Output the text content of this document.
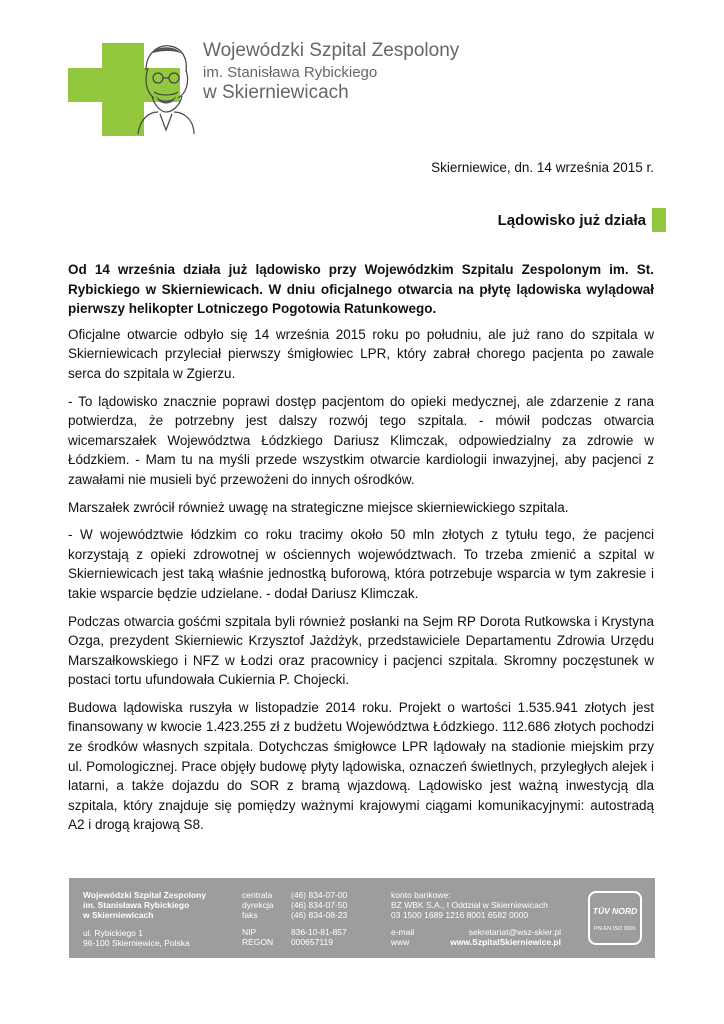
Wojewódzki Szpital Zespolony
im. Stanisława Rybickiego
w Skierniewicach
Skierniewice, dn. 14 września 2015 r.
Lądowisko już działa

Od 14 września działa już lądowisko przy Wojewódzkim Szpitalu Zespolonym im. St. Rybickiego w Skierniewicach. W dniu oficjalnego otwarcia na płytę lądowiska wylądował pierwszy helikopter Lotniczego Pogotowia Ratunkowego.

Oficjalne otwarcie odbyło się 14 września 2015 roku po południu, ale już rano do szpitala w Skierniewicach przyleciał pierwszy śmigłowiec LPR, który zabrał chorego pacjenta po zawale serca do szpitala w Zgierzu.

- To lądowisko znacznie poprawi dostęp pacjentom do opieki medycznej, ale zdarzenie z rana potwierdza, że potrzebny jest dalszy rozwój tego szpitala. - mówił podczas otwarcia wicemarszałek Województwa Łódzkiego Dariusz Klimczak, odpowiedzialny za zdrowie w Łódzkiem. - Mam tu na myśli przede wszystkim otwarcie kardiologii inwazyjnej, aby pacjenci z zawałami nie musieli być przewożeni do innych ośrodków.

Marszałek zwrócił również uwagę na strategiczne miejsce skierniewickiego szpitala.

- W województwie łódzkim co roku tracimy około 50 mln złotych z tytułu tego, że pacjenci korzystają z opieki zdrowotnej w ościennych województwach. To trzeba zmienić a szpital w Skierniewicach jest taką właśnie jednostką buforową, która potrzebuje wsparcia w tym zakresie i takie wsparcie będzie udzielane. - dodał Dariusz Klimczak.

Podczas otwarcia gośćmi szpitala byli również posłanki na Sejm RP Dorota Rutkowska i Krystyna Ozga, prezydent Skierniewic Krzysztof Jażdżyk, przedstawiciele Departamentu Zdrowia Urzędu Marszałkowskiego i NFZ w Łodzi oraz pracownicy i pacjenci szpitala. Skromny poczęstunek w postaci tortu ufundowała Cukiernia P. Chojecki.

Budowa lądowiska ruszyła w listopadzie 2014 roku. Projekt o wartości 1.535.941 złotych jest finansowany w kwocie 1.423.255 zł z budżetu Województwa Łódzkiego. 112.686 złotych pochodzi ze środków własnych szpitala. Dotychczas śmigłowce LPR lądowały na stadionie miejskim przy ul. Pomologicznej. Prace objęły budowę płyty lądowiska, oznaczeń świetlnych, przyległych alejek i latarni, a także dojazdu do SOR z bramą wjazdową. Lądowisko jest ważną inwestycją dla szpitala, który znajduje się pomiędzy ważnymi krajowymi ciągami komunikacyjnymi: autostradą A2 i drogą krajową S8.

Wojewódzki Szpital Zespolony
im. Stanisława Rybickiego
w Skierniewicach
ul. Rybickiego 1
96-100 Skierniewice, Polska
centrala
dyrekcja
faks
(46) 834-07-00
(46) 834-07-50
(46) 834-08-23
NIP
REGON
836-10-81-857
000657119
konto bankowe:
BZ WBK S.A., I Oddział w Skierniewicach
03 1500 1689 1216 8001 6582 0000
e-mail
www
sekretariat@wsz-skier.pl
www.SzpitalSkierniewice.pl
TÜV NORD
PN-EN ISO 9001
